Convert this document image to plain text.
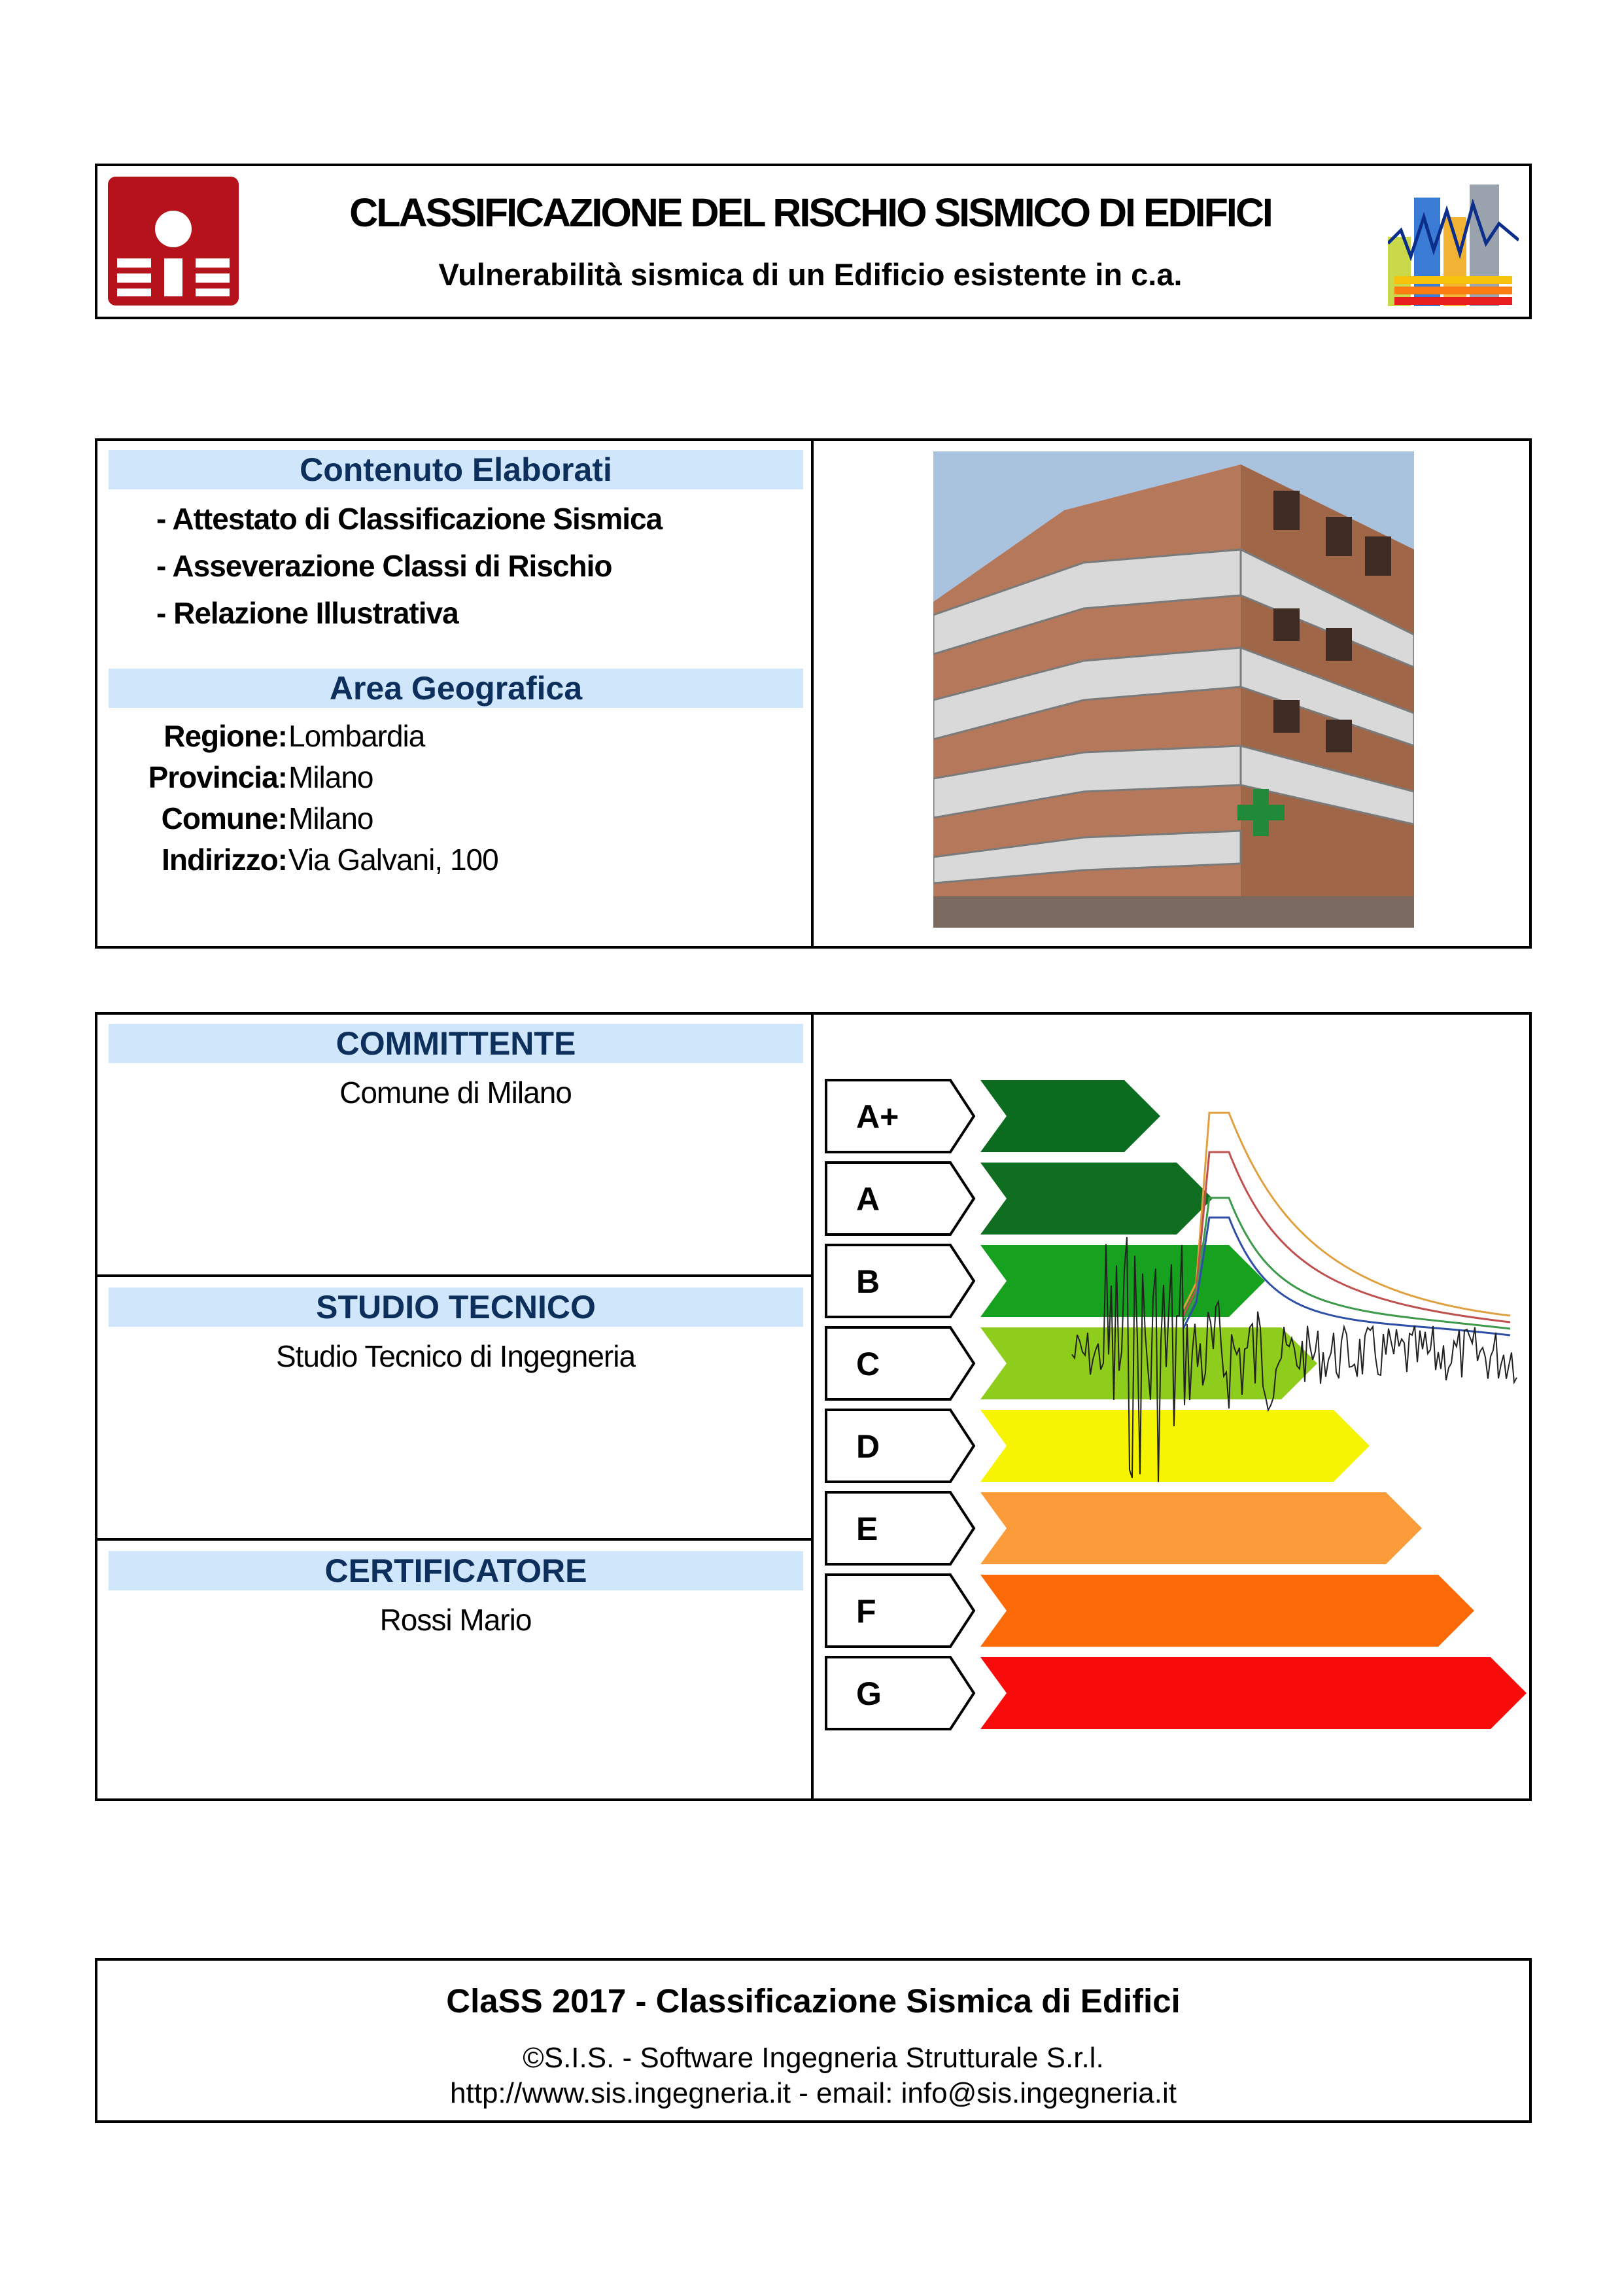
CLASSIFICAZIONE DEL RISCHIO SISMICO DI EDIFICI
Vulnerabilità sismica di un Edificio esistente in c.a.
Contenuto Elaborati
- Attestato di Classificazione Sismica
- Asseverazione Classi di Rischio
- Relazione Illustrativa
Area Geografica
Regione: Lombardia
Provincia: Milano
Comune: Milano
Indirizzo: Via Galvani, 100
COMMITTENTE
Comune di Milano
STUDIO TECNICO
Studio Tecnico di Ingegneria
CERTIFICATORE
Rossi Mario
A+
A
B
C
D
E
F
G
ClaSS 2017 - Classificazione Sismica di Edifici
©S.I.S. - Software Ingegneria Strutturale S.r.l.
http://www.sis.ingegneria.it - email: info@sis.ingegneria.it
